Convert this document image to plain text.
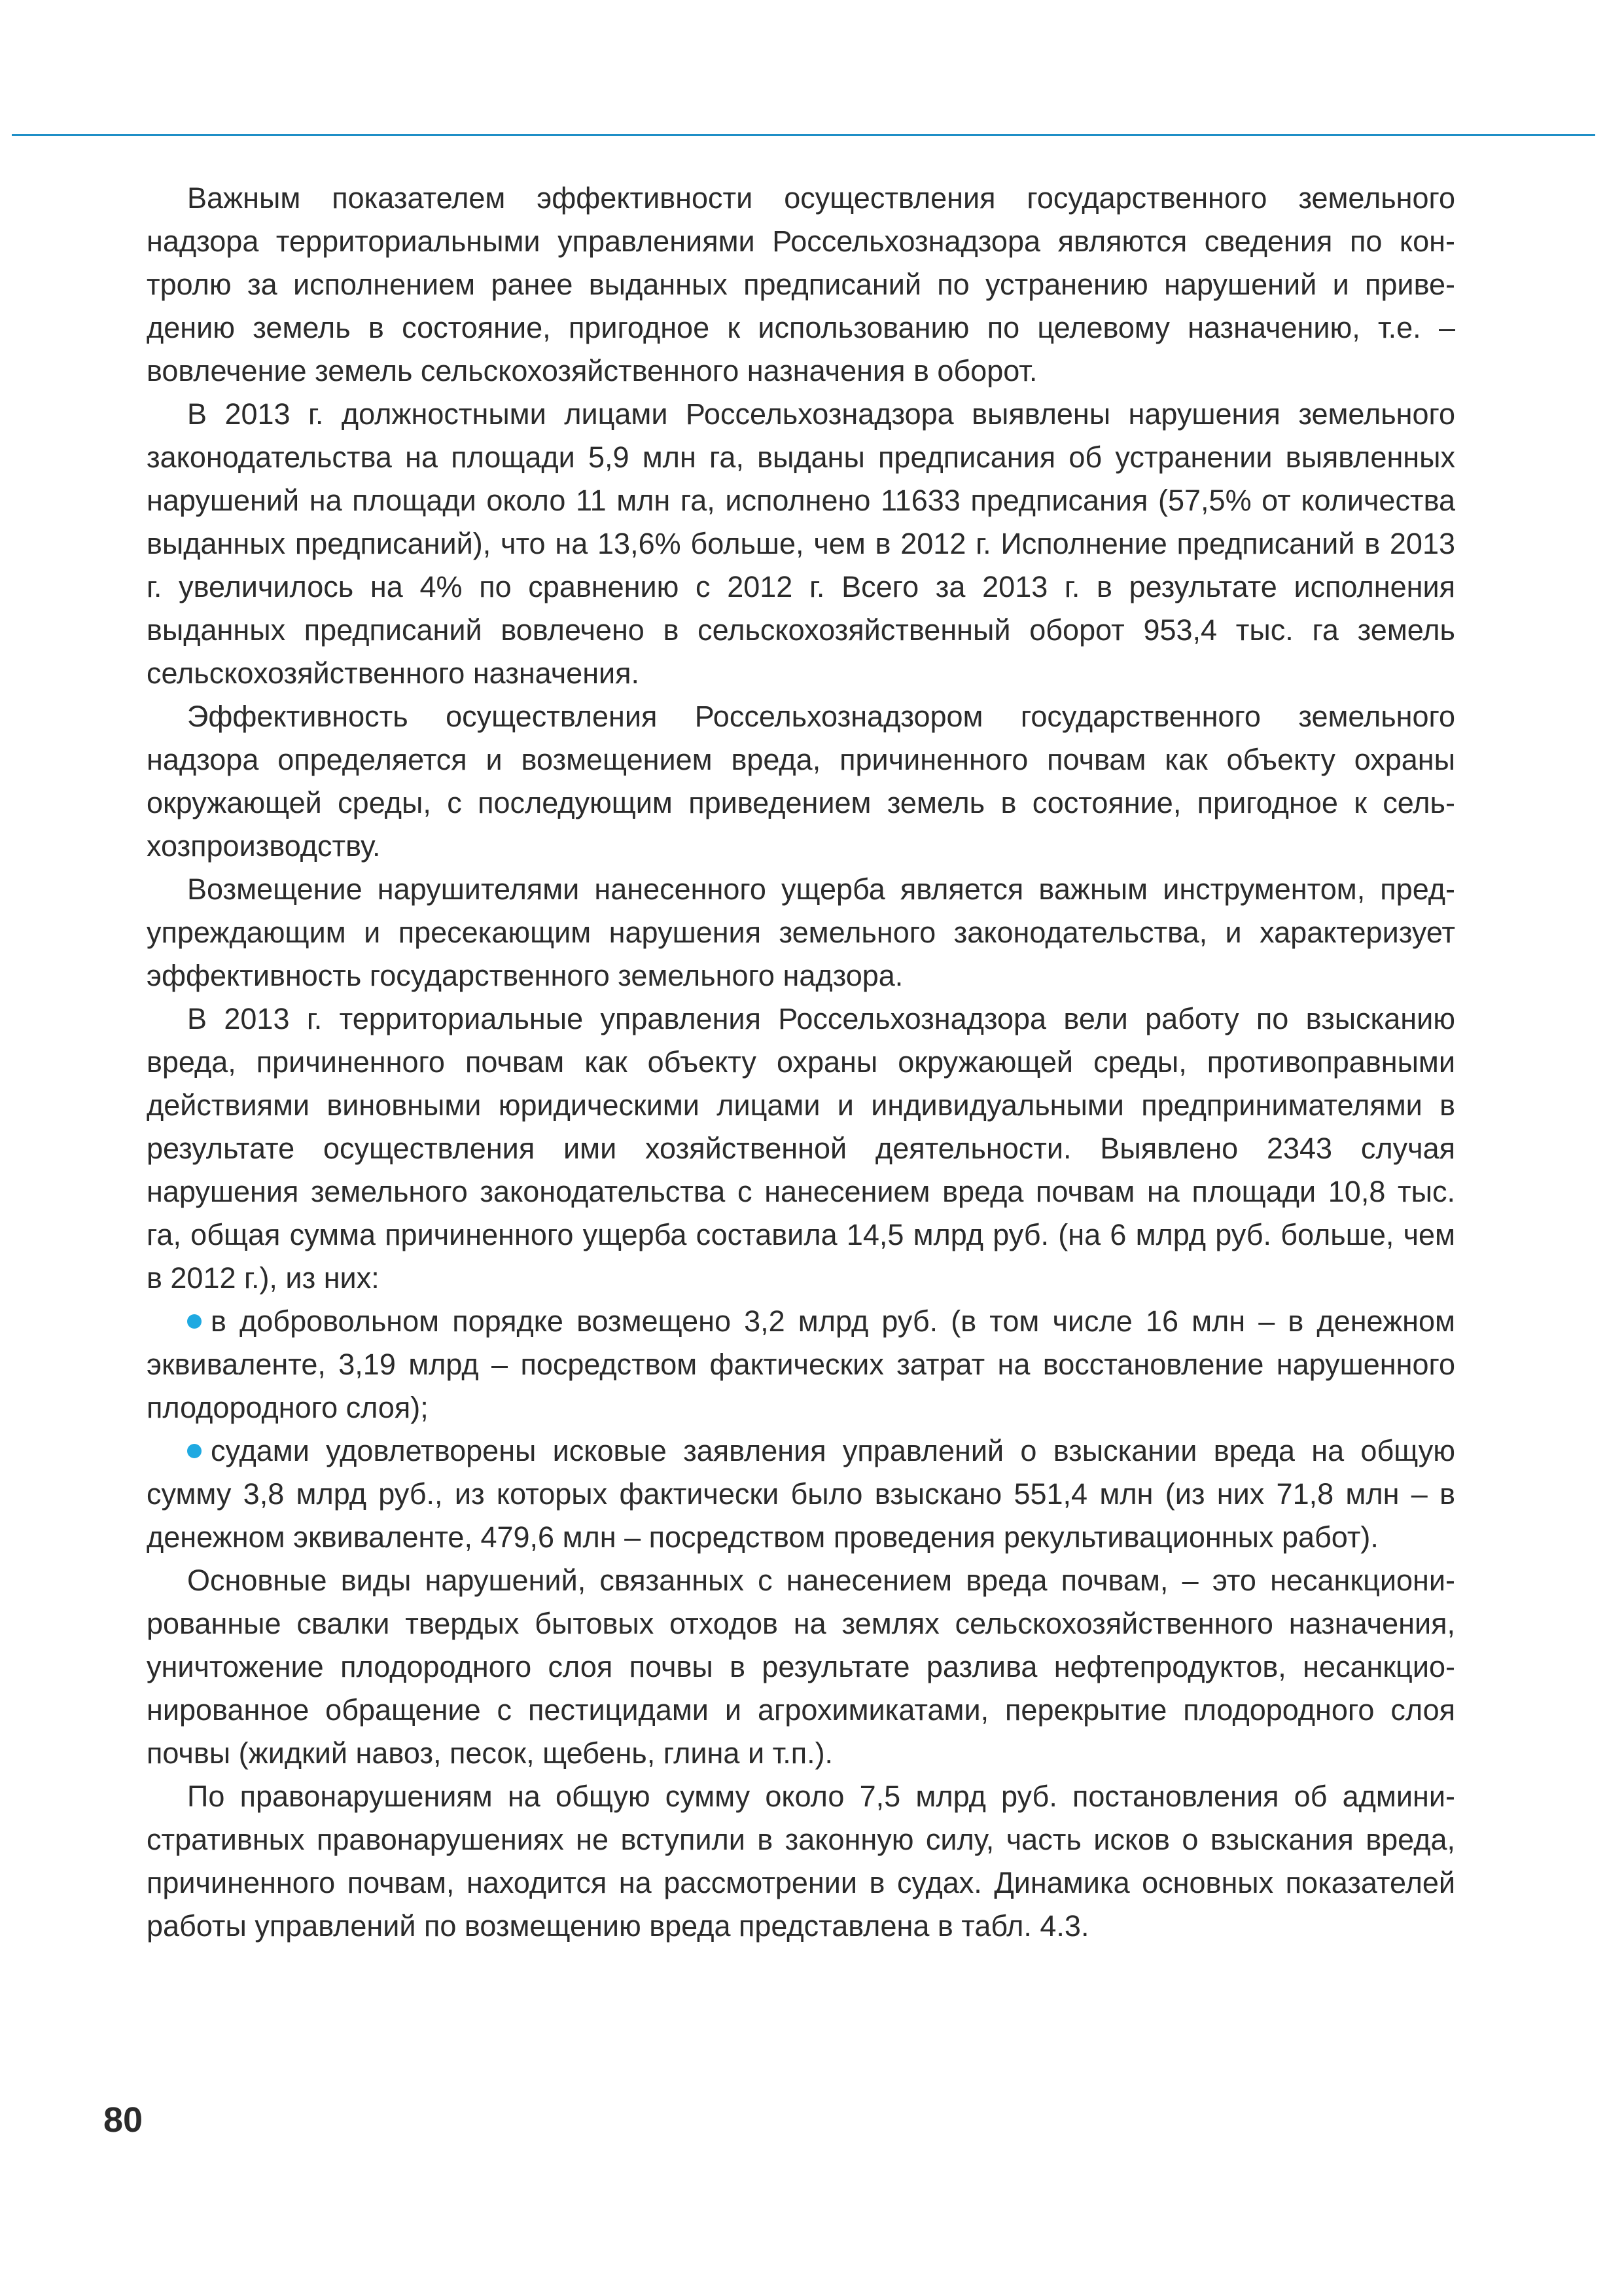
Важным показателем эффективности осуществления государственного земельного надзора территориальными управлениями Россельхознадзора являются сведения по контролю за исполнением ранее выданных предписаний по устранению нарушений и приведению земель в состояние, пригодное к использованию по целевому назначению, т.е. – вовлечение земель сельскохозяйственного назначения в оборот.

В 2013 г. должностными лицами Россельхознадзора выявлены нарушения земельного законодательства на площади 5,9 млн га, выданы предписания об устранении выявленных нарушений на площади около 11 млн га, исполнено 11633 предписания (57,5% от количества выданных предписаний), что на 13,6% больше, чем в 2012 г. Исполнение предписаний в 2013 г. увеличилось на 4% по сравнению с 2012 г. Всего за 2013 г. в результате исполнения выданных предписаний вовлечено в сельскохозяйственный оборот 953,4 тыс. га земель сельскохозяйственного назначения.

Эффективность осуществления Россельхознадзором государственного земельного надзора определяется и возмещением вреда, причиненного почвам как объекту охраны окружающей среды, с последующим приведением земель в состояние, пригодное к сельхозпроизводству.

Возмещение нарушителями нанесенного ущерба является важным инструментом, предупреждающим и пресекающим нарушения земельного законодательства, и характеризует эффективность государственного земельного надзора.

В 2013 г. территориальные управления Россельхознадзора вели работу по взысканию вреда, причиненного почвам как объекту охраны окружающей среды, противоправными действиями виновными юридическими лицами и индивидуальными предпринимателями в результате осуществления ими хозяйственной деятельности. Выявлено 2343 случая нарушения земельного законодательства с нанесением вреда почвам на площади 10,8 тыс. га, общая сумма причиненного ущерба составила 14,5 млрд руб. (на 6 млрд руб. больше, чем в 2012 г.), из них:

в добровольном порядке возмещено 3,2 млрд руб. (в том числе 16 млн – в денежном эквиваленте, 3,19 млрд – посредством фактических затрат на восстановление нарушенного плодородного слоя);

судами удовлетворены исковые заявления управлений о взыскании вреда на общую сумму 3,8 млрд руб., из которых фактически было взыскано 551,4 млн (из них 71,8 млн – в денежном эквиваленте, 479,6 млн – посредством проведения рекультивационных работ).

Основные виды нарушений, связанных с нанесением вреда почвам, – это несанкционированные свалки твердых бытовых отходов на землях сельскохозяйственного назначения, уничтожение плодородного слоя почвы в результате разлива нефтепродуктов, несанкционированное обращение с пестицидами и агрохимикатами, перекрытие плодородного слоя почвы (жидкий навоз, песок, щебень, глина и т.п.).

По правонарушениям на общую сумму около 7,5 млрд руб. постановления об административных правонарушениях не вступили в законную силу, часть исков о взыскания вреда, причиненного почвам, находится на рассмотрении в судах. Динамика основных показателей работы управлений по возмещению вреда представлена в табл. 4.3.

80
